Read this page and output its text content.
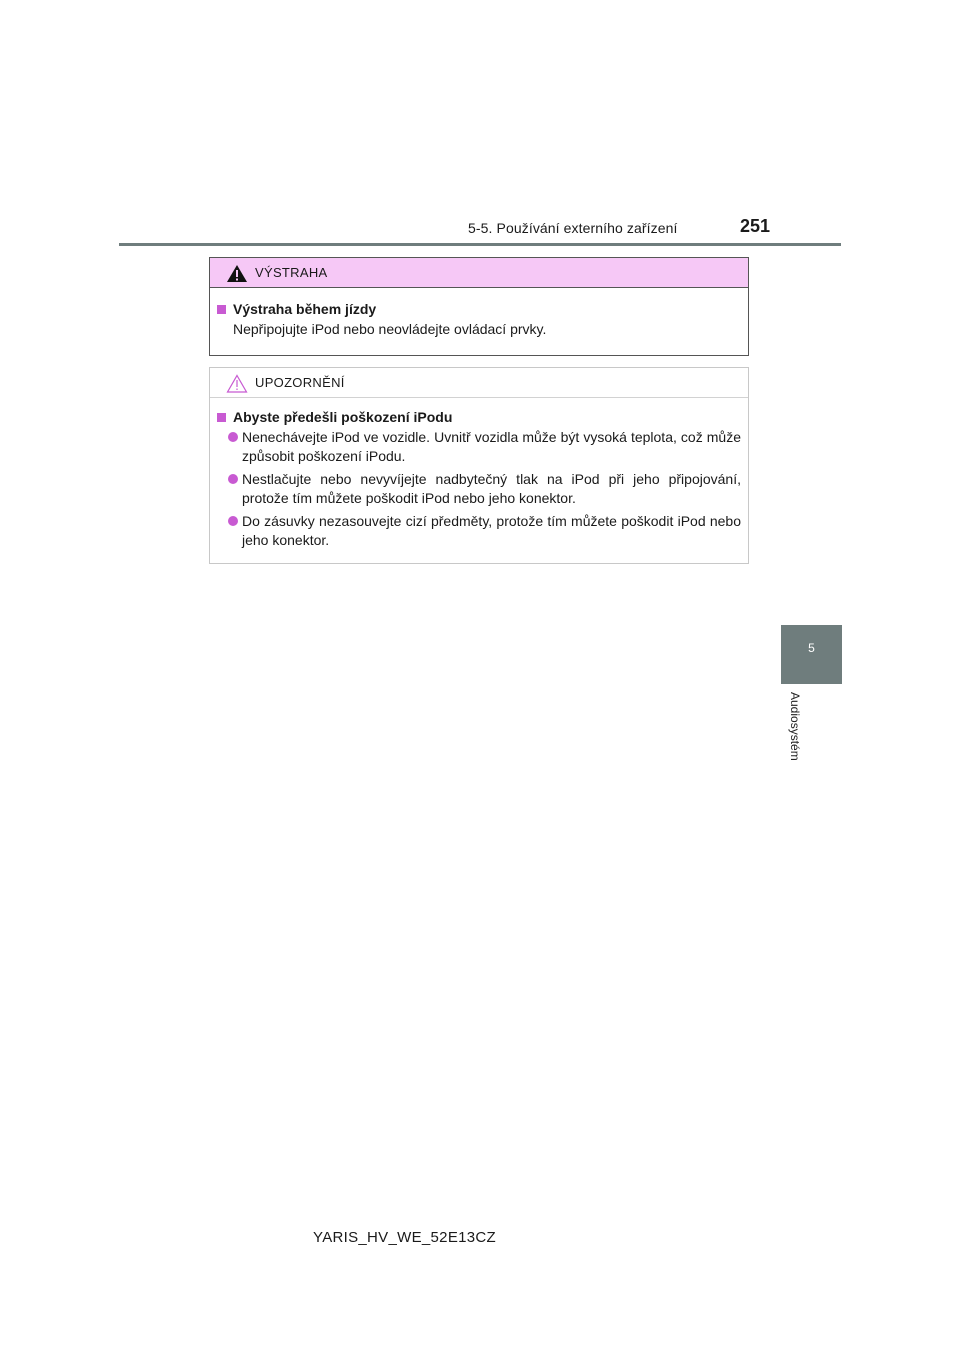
5-5. Používání externího zařízení	251
5
Audiosystém
VÝSTRAHA
Výstraha během jízdy
Nepřipojujte iPod nebo neovládejte ovládací prvky.
UPOZORNĚNÍ
Abyste předešli poškození iPodu
Nenechávejte iPod ve vozidle. Uvnitř vozidla může být vysoká teplota, což může způsobit poškození iPodu.
Nestlačujte nebo nevyvíjejte nadbytečný tlak na iPod při jeho připojování, protože tím můžete poškodit iPod nebo jeho konektor.
Do zásuvky nezasouvejte cizí předměty, protože tím můžete poškodit iPod nebo jeho konektor.
YARIS_HV_WE_52E13CZ
